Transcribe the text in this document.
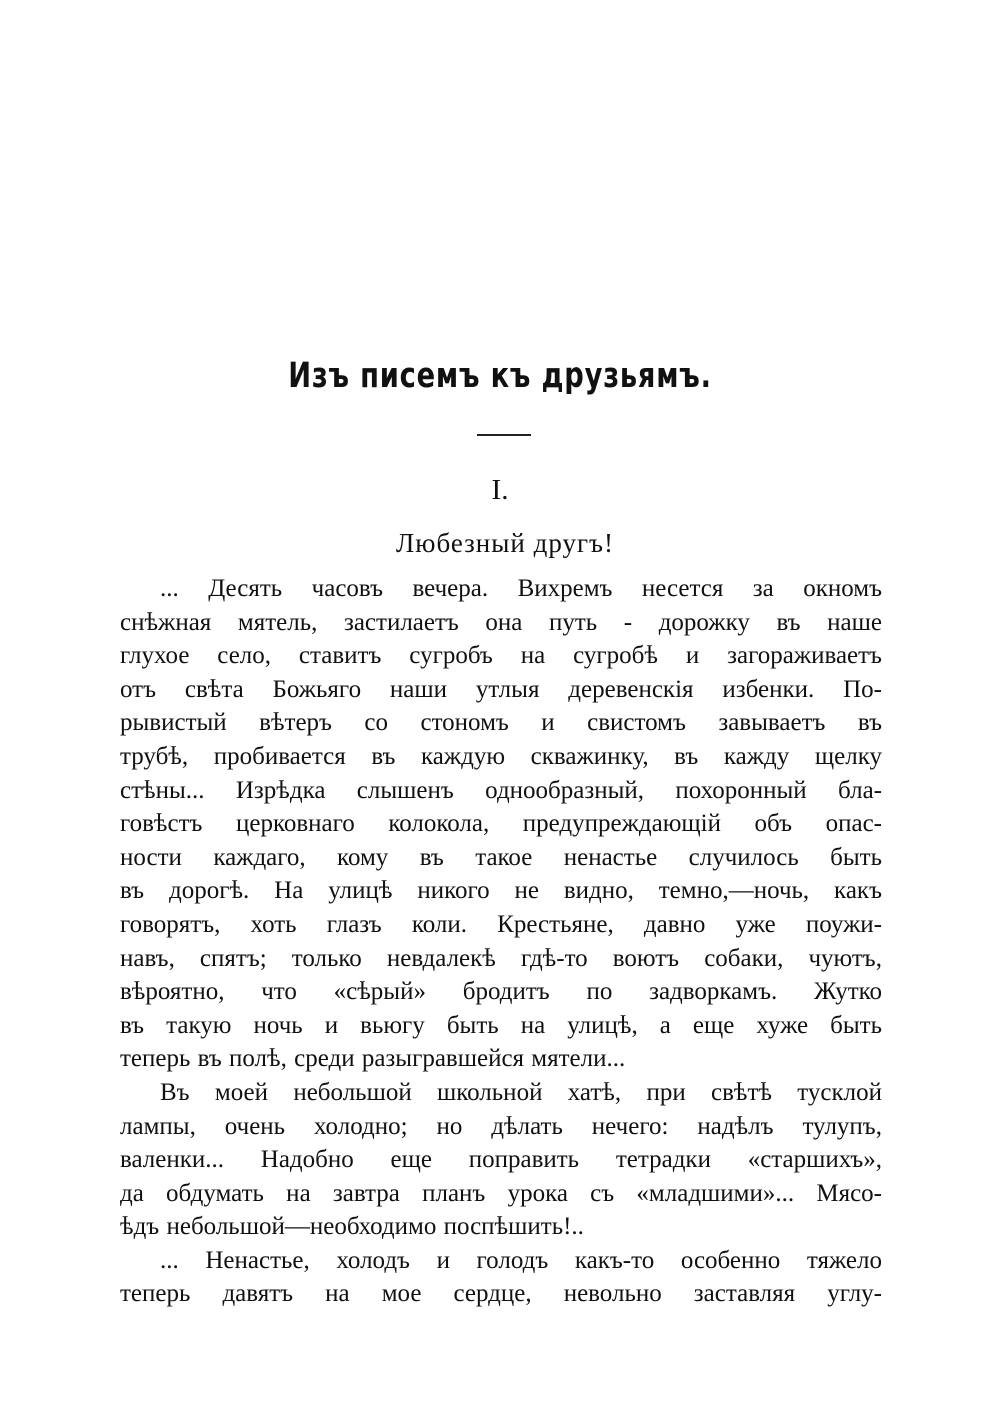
Изъ писемъ къ друзьямъ.
I.
Любезный другъ!
... Десять часовъ вечера. Вихремъ несется за окномъ
снѣжная мятель, застилаетъ она путь - дорожку въ наше
глухое село, ставитъ сугробъ на сугробѣ и загораживаетъ
отъ свѣта Божьяго наши утлыя деревенскія избенки. По-
рывистый вѣтеръ со стономъ и свистомъ завываетъ въ
трубѣ, пробивается въ каждую скважинку, въ кажду щелку
стѣны... Изрѣдка слышенъ однообразный, похоронный бла-
говѣстъ церковнаго колокола, предупреждающій объ опас-
ности каждаго, кому въ такое ненастье случилось быть
въ дорогѣ. На улицѣ никого не видно, темно,—ночь, какъ
говорятъ, хоть глазъ коли. Крестьяне, давно уже поужи-
навъ, спятъ; только невдалекѣ гдѣ-то воютъ собаки, чуютъ,
вѣроятно, что «сѣрый» бродитъ по задворкамъ. Жутко
въ такую ночь и вьюгу быть на улицѣ, а еще хуже быть
теперь въ полѣ, среди разыгравшейся мятели...
Въ моей небольшой школьной хатѣ, при свѣтѣ тусклой
лампы, очень холодно; но дѣлать нечего: надѣлъ тулупъ,
валенки... Надобно еще поправить тетрадки «старшихъ»,
да обдумать на завтра планъ урока съ «младшими»... Мясо-
ѣдъ небольшой—необходимо поспѣшить!..
... Ненастье, холодъ и голодъ какъ-то особенно тяжело
теперь давятъ на мое сердце, невольно заставляя углу-
